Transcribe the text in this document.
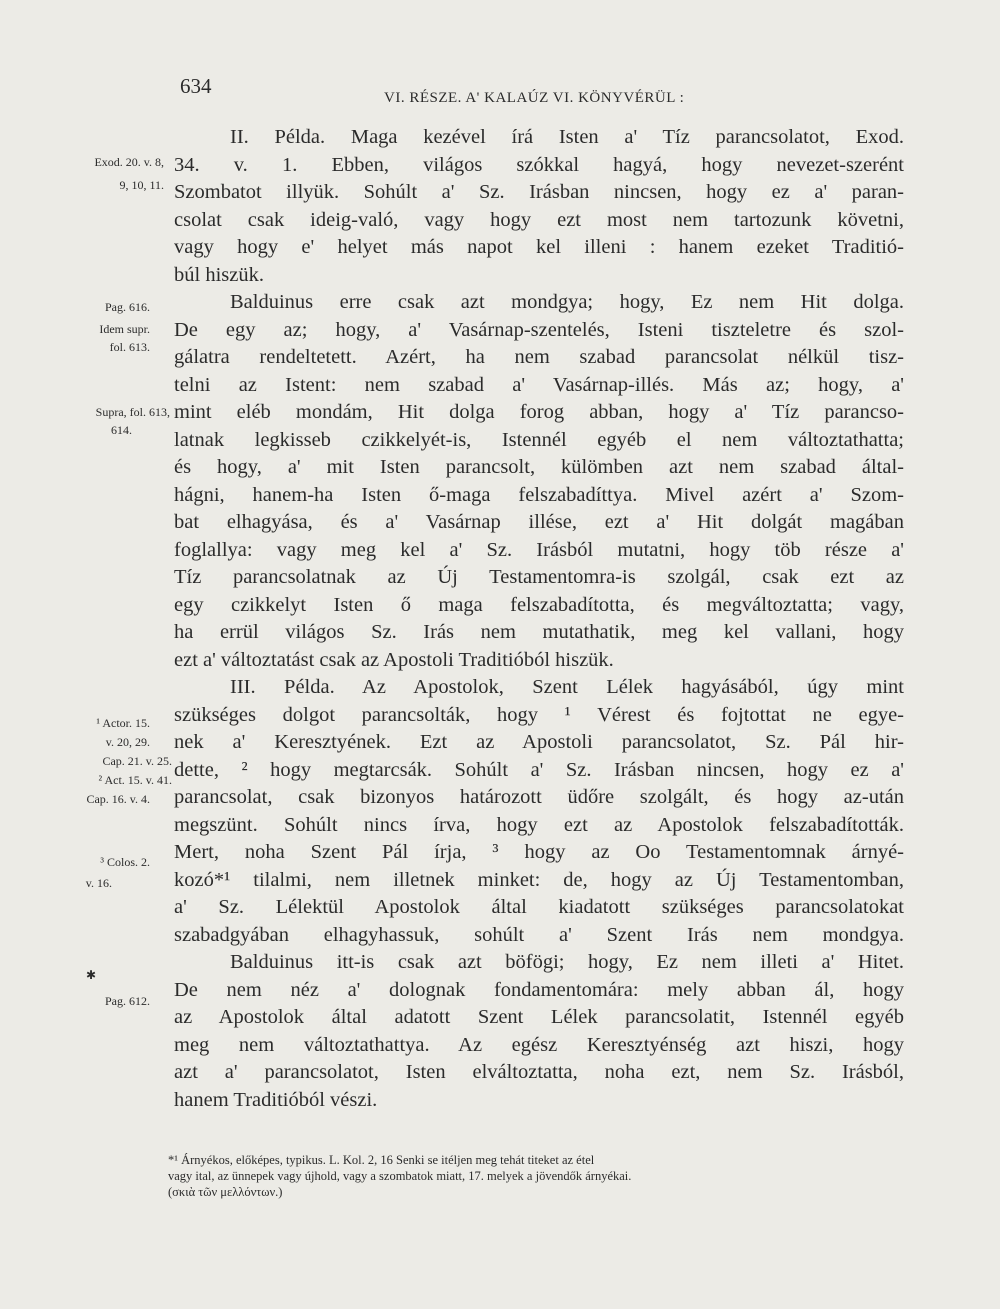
634	VI. RÉSZE. A' KALAÚZ VI. KÖNYVÉRÜL :
II. Példa. Maga kezével írá Isten a' Tíz parancsolatot, Exod.
34. v. 1. Ebben, világos szókkal hagyá, hogy nevezet-szerént
Szombatot illyük. Sohúlt a' Sz. Irásban nincsen, hogy ez a' paran-
csolat csak ideig-való, vagy hogy ezt most nem tartozunk követni,
vagy hogy e' helyet más napot kel illeni : hanem ezeket Traditió-
búl hiszük.
Balduinus erre csak azt mondgya; hogy, Ez nem Hit dolga.
De egy az; hogy, a' Vasárnap-szentelés, Isteni tiszteletre és szol-
gálatra rendeltetett. Azért, ha nem szabad parancsolat nélkül tisz-
telni az Istent: nem szabad a' Vasárnap-illés. Más az; hogy, a'
mint eléb mondám, Hit dolga forog abban, hogy a' Tíz parancso-
latnak legkisseb czikkelyét-is, Istennél egyéb el nem változtathatta;
és hogy, a' mit Isten parancsolt, külömben azt nem szabad által-
hágni, hanem-ha Isten ő-maga felszabadíttya. Mivel azért a' Szom-
bat elhagyása, és a' Vasárnap illése, ezt a' Hit dolgát magában
foglallya: vagy meg kel a' Sz. Irásból mutatni, hogy töb része a'
Tíz parancsolatnak az Új Testamentomra-is szolgál, csak ezt az
egy czikkelyt Isten ő maga felszabadította, és megváltoztatta; vagy,
ha errül világos Sz. Irás nem mutathatik, meg kel vallani, hogy
ezt a' változtatást csak az Apostoli Traditióból hiszük.
III. Példa. Az Apostolok, Szent Lélek hagyásából, úgy mint
szükséges dolgot parancsolták, hogy ¹ Vérest és fojtottat ne egye-
nek a' Keresztyének. Ezt az Apostoli parancsolatot, Sz. Pál hir-
dette, ² hogy megtarcsák. Sohúlt a' Sz. Irásban nincsen, hogy ez a'
parancsolat, csak bizonyos határozott üdőre szolgált, és hogy az-után
megszünt. Sohúlt nincs írva, hogy ezt az Apostolok felszabadították.
Mert, noha Szent Pál írja, ³ hogy az Oo Testamentomnak árnyé-
kozó*¹ tilalmi, nem illetnek minket: de, hogy az Új Testamentomban,
a' Sz. Lélektül Apostolok által kiadatott szükséges parancsolatokat
szabadgyában elhagyhassuk, sohúlt a' Szent Irás nem mondgya.
Balduinus itt-is csak azt böfögi; hogy, Ez nem illeti a' Hitet.
De nem néz a' dolognak fondamentomára: mely abban ál, hogy
az Apostolok által adatott Szent Lélek parancsolatit, Istennél egyéb
meg nem változtathattya. Az egész Keresztyénség azt hiszi, hogy
azt a' parancsolatot, Isten elváltoztatta, noha ezt, nem Sz. Irásból,
hanem Traditióból vészi.
Exod. 20. v. 8,
9, 10, 11.
Pag. 616.
Idem supr.
fol. 613.
Supra, fol. 613,
614.
¹ Actor. 15.
v. 20, 29.
Cap. 21. v. 25.
² Act. 15. v. 41.
Cap. 16. v. 4.
³ Colos. 2.
v. 16.
✱
Pag. 612.

*¹ Árnyékos, előképes, typikus. L. Kol. 2, 16 Senki se itéljen meg tehát titeket az étel

vagy ital, az ünnepek vagy újhold, vagy a szombatok miatt, 17. melyek a jövendők árnyékai.

(σκιὰ τῶν μελλόντων.)
